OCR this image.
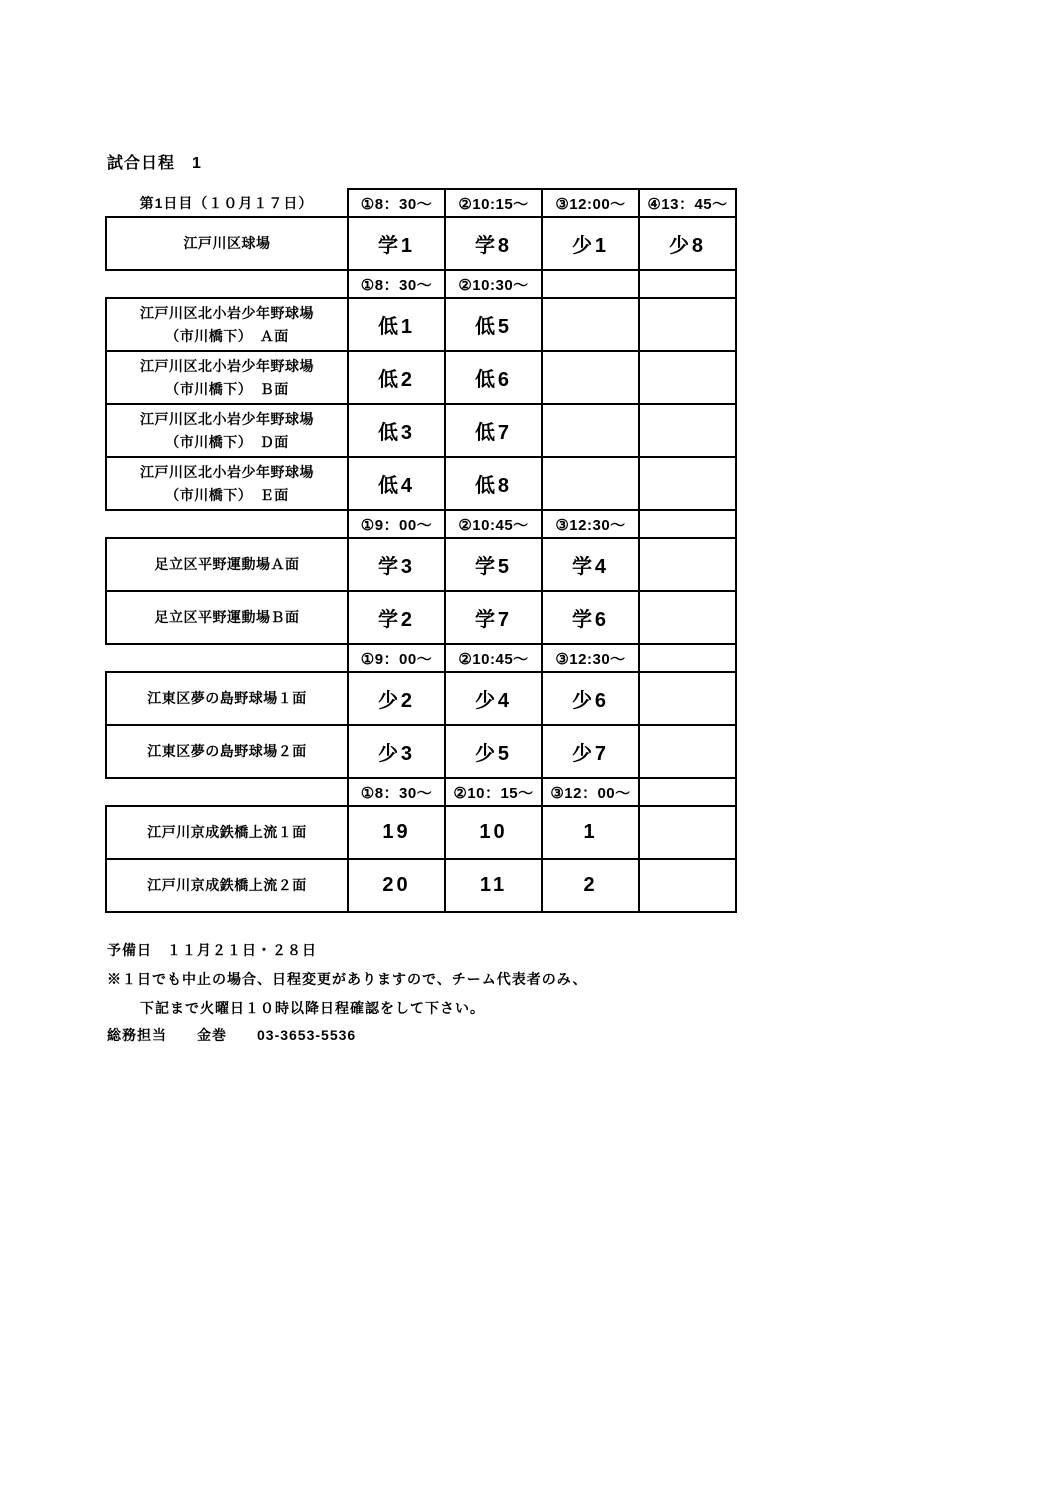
試合日程　1
第1日目（１０月１７日）	①8：30～	②10:15～	③12:00～	④13：45～

江戸川区球場	学1	学8	少1	少8
	①8：30～	②10:30～		

江戸川区北小岩少年野球場
（市川橋下）　Ａ面	低1	低5		

江戸川区北小岩少年野球場
（市川橋下）　Ｂ面	低2	低6		

江戸川区北小岩少年野球場
（市川橋下）　Ｄ面	低3	低7		

江戸川区北小岩少年野球場
（市川橋下）　Ｅ面	低4	低8		
	①9：00～	②10:45～	③12:30～	

足立区平野運動場Ａ面	学3	学5	学4	

足立区平野運動場Ｂ面	学2	学7	学6	
	①9：00～	②10:45～	③12:30～	

江東区夢の島野球場１面	少2	少4	少6	

江東区夢の島野球場２面	少3	少5	少7	
	①8：30～	②10：15～	③12：00～	

江戸川京成鉄橋上流１面	19	10	1	

江戸川京成鉄橋上流２面	20	11	2	
予備日　１１月２１日・２８日
※１日でも中止の場合、日程変更がありますので、チーム代表者のみ、
下記まで火曜日１０時以降日程確認をして下さい。
総務担当　　金巻　　03-3653-5536
